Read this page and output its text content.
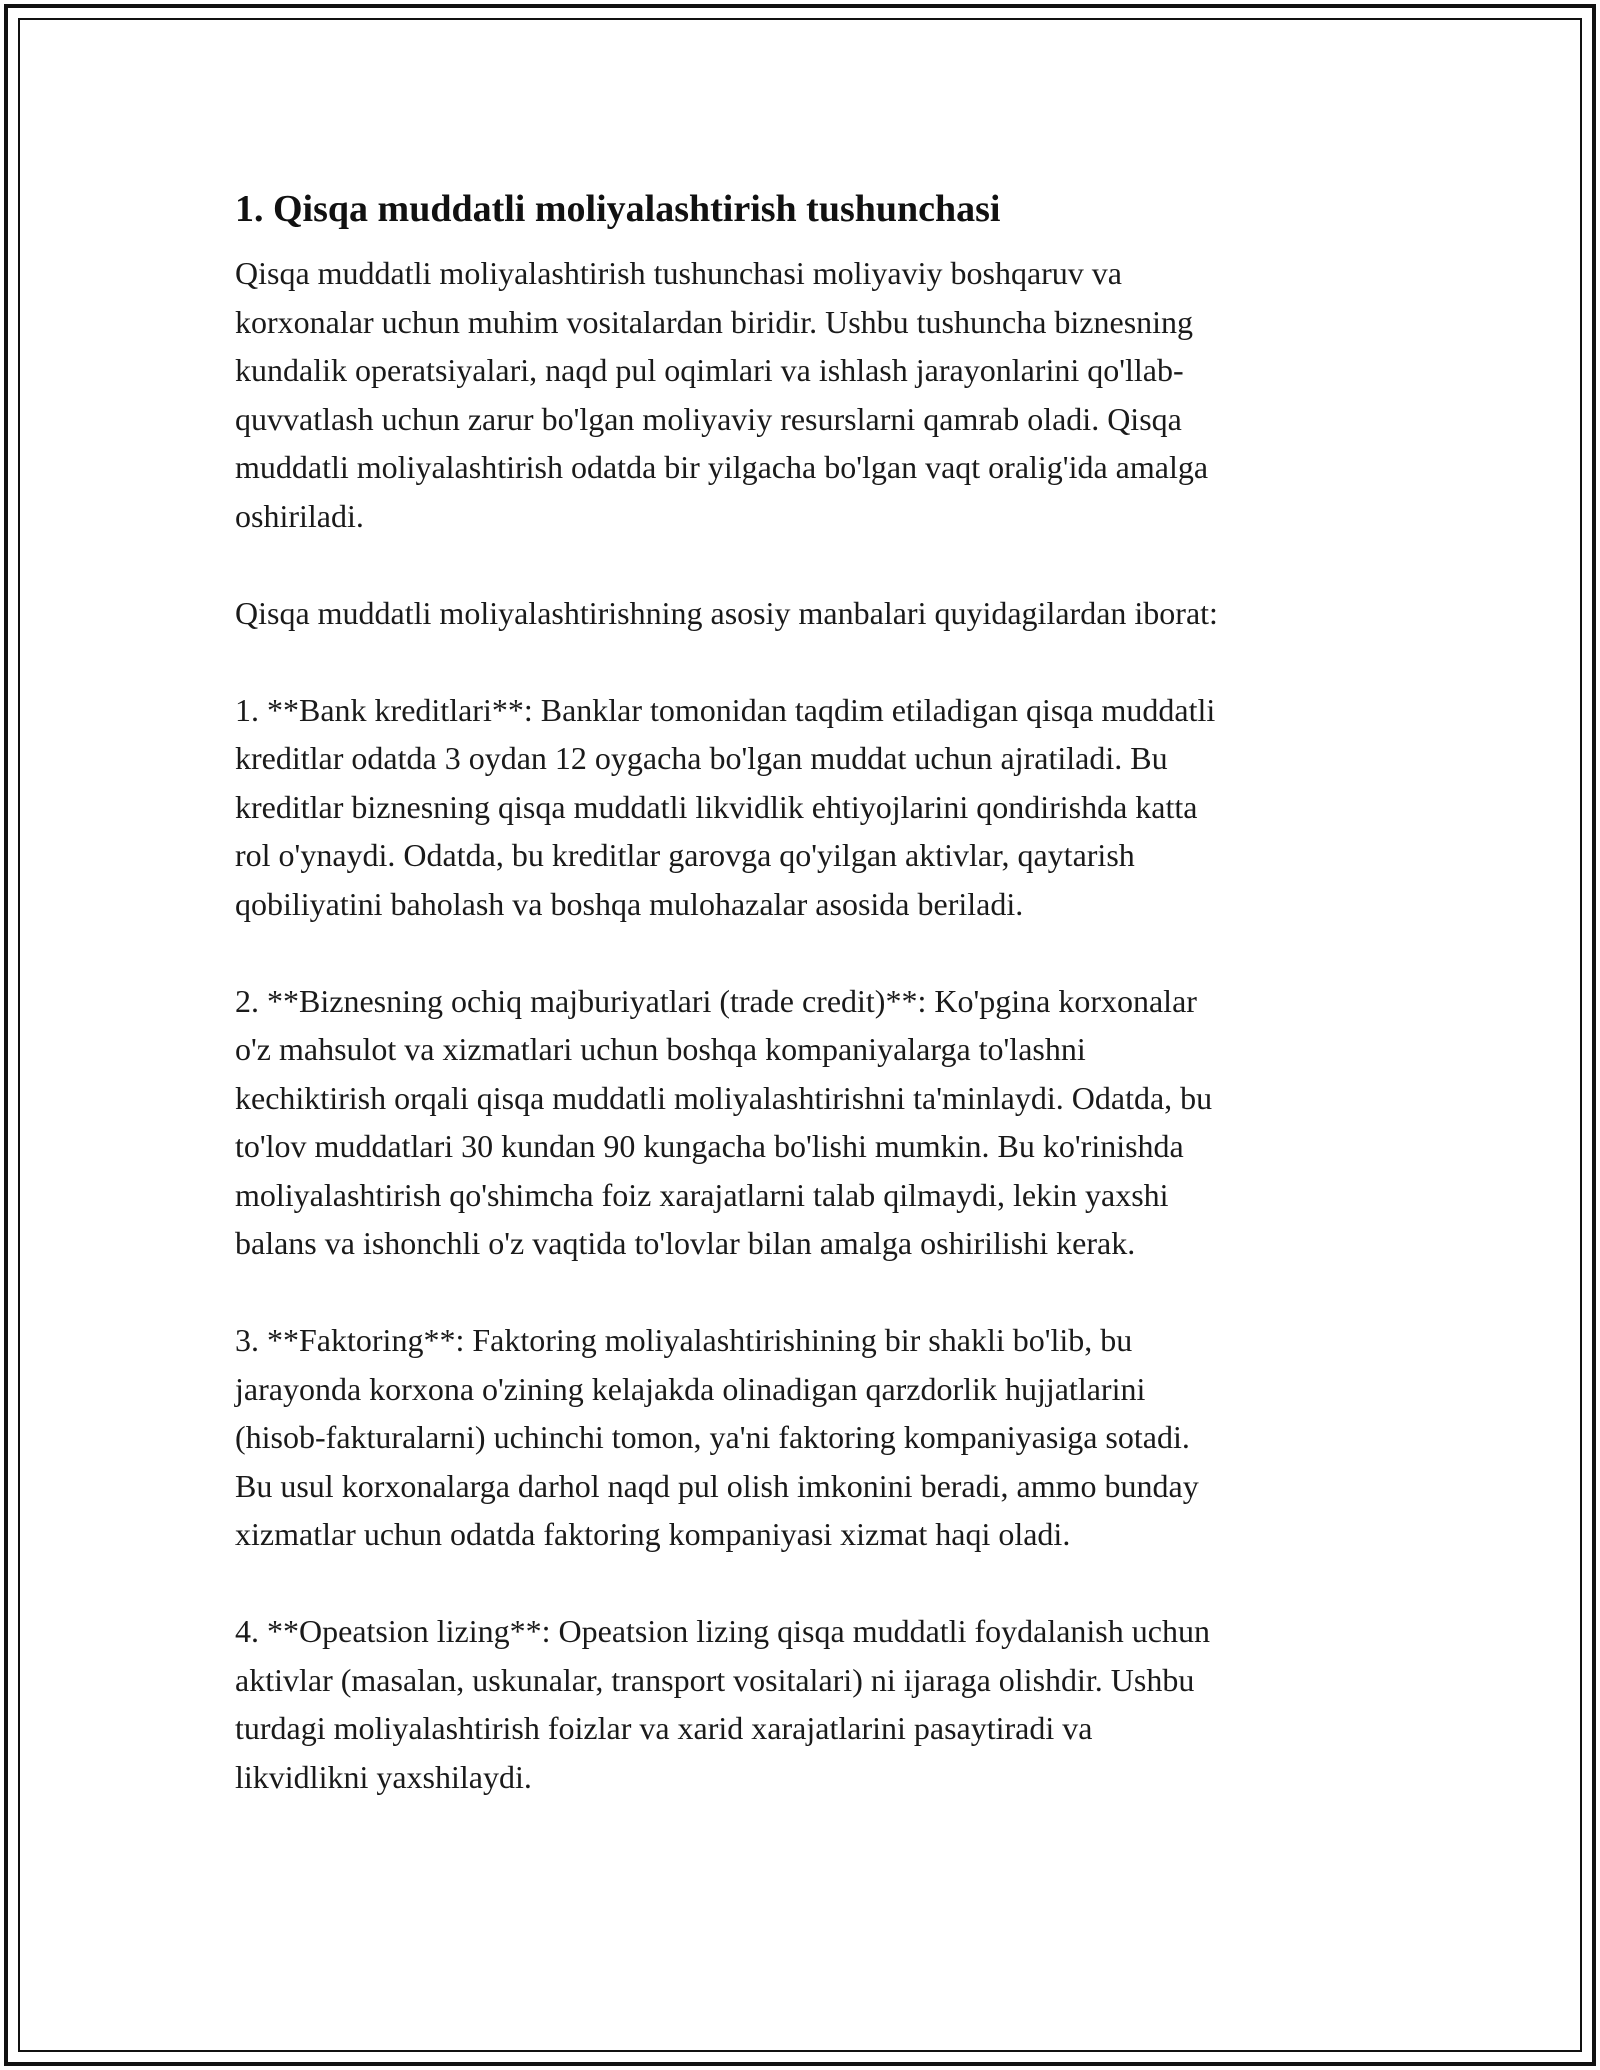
1. Qisqa muddatli moliyalashtirish tushunchasi

Qisqa muddatli moliyalashtirish tushunchasi moliyaviy boshqaruv va
korxonalar uchun muhim vositalardan biridir. Ushbu tushuncha biznesning
kundalik operatsiyalari, naqd pul oqimlari va ishlash jarayonlarini qo'llab-
quvvatlash uchun zarur bo'lgan moliyaviy resurslarni qamrab oladi. Qisqa
muddatli moliyalashtirish odatda bir yilgacha bo'lgan vaqt oralig'ida amalga
oshiriladi.

Qisqa muddatli moliyalashtirishning asosiy manbalari quyidagilardan iborat:

1. **Bank kreditlari**: Banklar tomonidan taqdim etiladigan qisqa muddatli
kreditlar odatda 3 oydan 12 oygacha bo'lgan muddat uchun ajratiladi. Bu
kreditlar biznesning qisqa muddatli likvidlik ehtiyojlarini qondirishda katta
rol o'ynaydi. Odatda, bu kreditlar garovga qo'yilgan aktivlar, qaytarish
qobiliyatini baholash va boshqa mulohazalar asosida beriladi.

2. **Biznesning ochiq majburiyatlari (trade credit)**: Ko'pgina korxonalar
o'z mahsulot va xizmatlari uchun boshqa kompaniyalarga to'lashni
kechiktirish orqali qisqa muddatli moliyalashtirishni ta'minlaydi. Odatda, bu
to'lov muddatlari 30 kundan 90 kungacha bo'lishi mumkin. Bu ko'rinishda
moliyalashtirish qo'shimcha foiz xarajatlarni talab qilmaydi, lekin yaxshi
balans va ishonchli o'z vaqtida to'lovlar bilan amalga oshirilishi kerak.

3. **Faktoring**: Faktoring moliyalashtirishining bir shakli bo'lib, bu
jarayonda korxona o'zining kelajakda olinadigan qarzdorlik hujjatlarini
(hisob-fakturalarni) uchinchi tomon, ya'ni faktoring kompaniyasiga sotadi.
Bu usul korxonalarga darhol naqd pul olish imkonini beradi, ammo bunday
xizmatlar uchun odatda faktoring kompaniyasi xizmat haqi oladi.

4. **Opeatsion lizing**: Opeatsion lizing qisqa muddatli foydalanish uchun
aktivlar (masalan, uskunalar, transport vositalari) ni ijaraga olishdir. Ushbu
turdagi moliyalashtirish foizlar va xarid xarajatlarini pasaytiradi va
likvidlikni yaxshilaydi.
